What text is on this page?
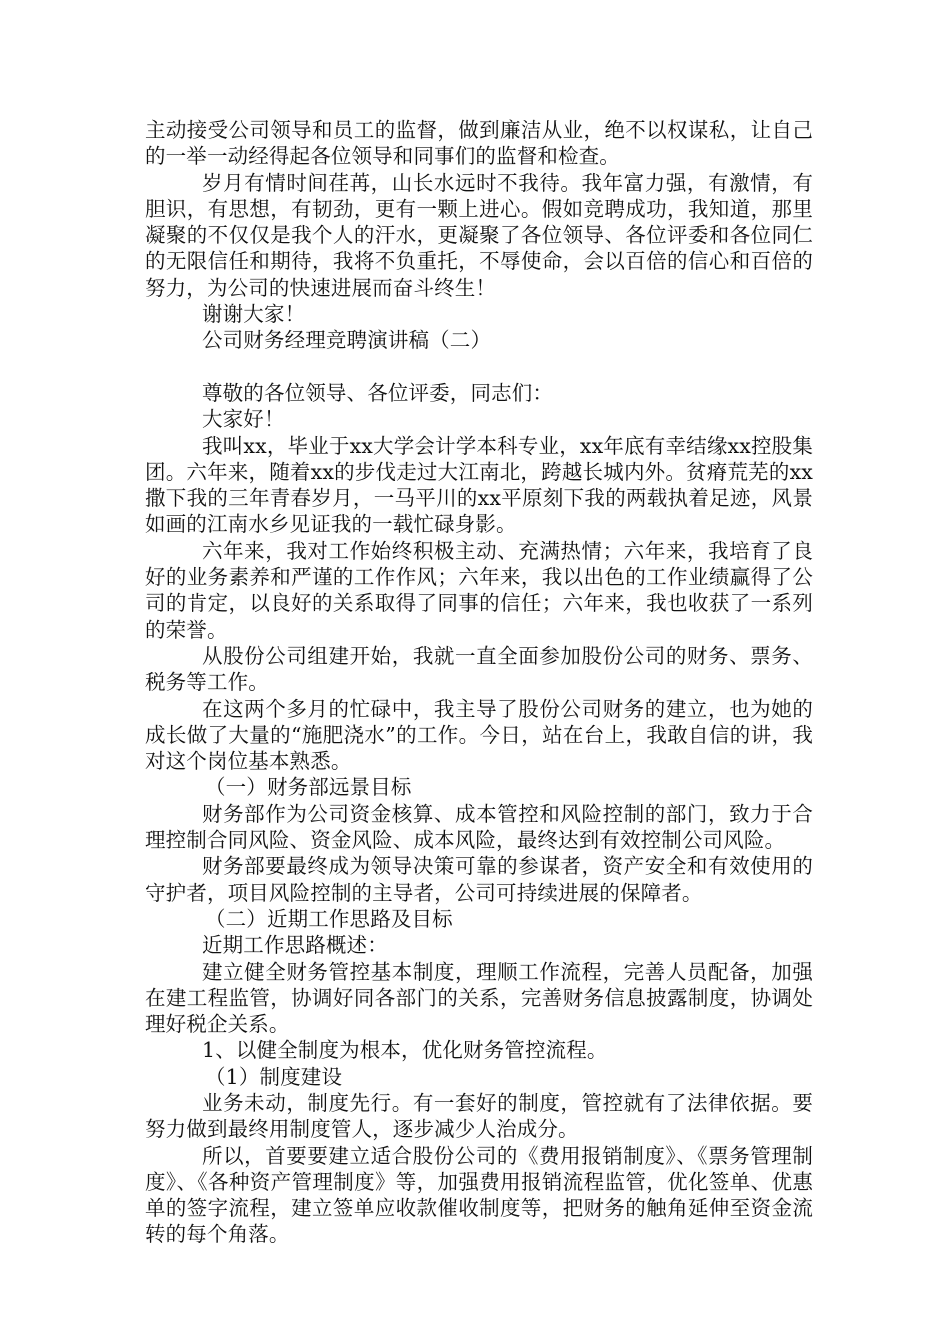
主动接受公司领导和员工的监督，做到廉洁从业，绝不以权谋私，让自己的一举一动经得起各位领导和同事们的监督和检查。

岁月有情时间荏苒，山长水远时不我待。我年富力强，有激情，有胆识，有思想，有韧劲，更有一颗上进心。假如竞聘成功，我知道，那里凝聚的不仅仅是我个人的汗水，更凝聚了各位领导、各位评委和各位同仁的无限信任和期待，我将不负重托，不辱使命，会以百倍的信心和百倍的努力，为公司的快速进展而奋斗终生！

谢谢大家！

公司财务经理竞聘演讲稿（二）

尊敬的各位领导、各位评委，同志们：

大家好！

我叫xx，毕业于xx大学会计学本科专业，xx年底有幸结缘xx控股集团。六年来，随着xx的步伐走过大江南北，跨越长城内外。贫瘠荒芜的xx撒下我的三年青春岁月，一马平川的xx平原刻下我的两载执着足迹，风景如画的江南水乡见证我的一载忙碌身影。

六年来，我对工作始终积极主动、充满热情；六年来，我培育了良好的业务素养和严谨的工作作风；六年来，我以出色的工作业绩赢得了公司的肯定，以良好的关系取得了同事的信任；六年来，我也收获了一系列的荣誉。

从股份公司组建开始，我就一直全面参加股份公司的财务、票务、税务等工作。

在这两个多月的忙碌中，我主导了股份公司财务的建立，也为她的成长做了大量的“施肥浇水”的工作。今日，站在台上，我敢自信的讲，我对这个岗位基本熟悉。

（一）财务部远景目标

财务部作为公司资金核算、成本管控和风险控制的部门，致力于合理控制合同风险、资金风险、成本风险，最终达到有效控制公司风险。

财务部要最终成为领导决策可靠的参谋者，资产安全和有效使用的守护者，项目风险控制的主导者，公司可持续进展的保障者。

（二）近期工作思路及目标

近期工作思路概述：

建立健全财务管控基本制度，理顺工作流程，完善人员配备，加强在建工程监管，协调好同各部门的关系，完善财务信息披露制度，协调处理好税企关系。

1、以健全制度为根本，优化财务管控流程。

（1）制度建设

业务未动，制度先行。有一套好的制度，管控就有了法律依据。要努力做到最终用制度管人，逐步减少人治成分。

所以，首要要建立适合股份公司的《费用报销制度》、《票务管理制度》、《各种资产管理制度》等，加强费用报销流程监管，优化签单、优惠单的签字流程，建立签单应收款催收制度等，把财务的触角延伸至资金流转的每个角落。
